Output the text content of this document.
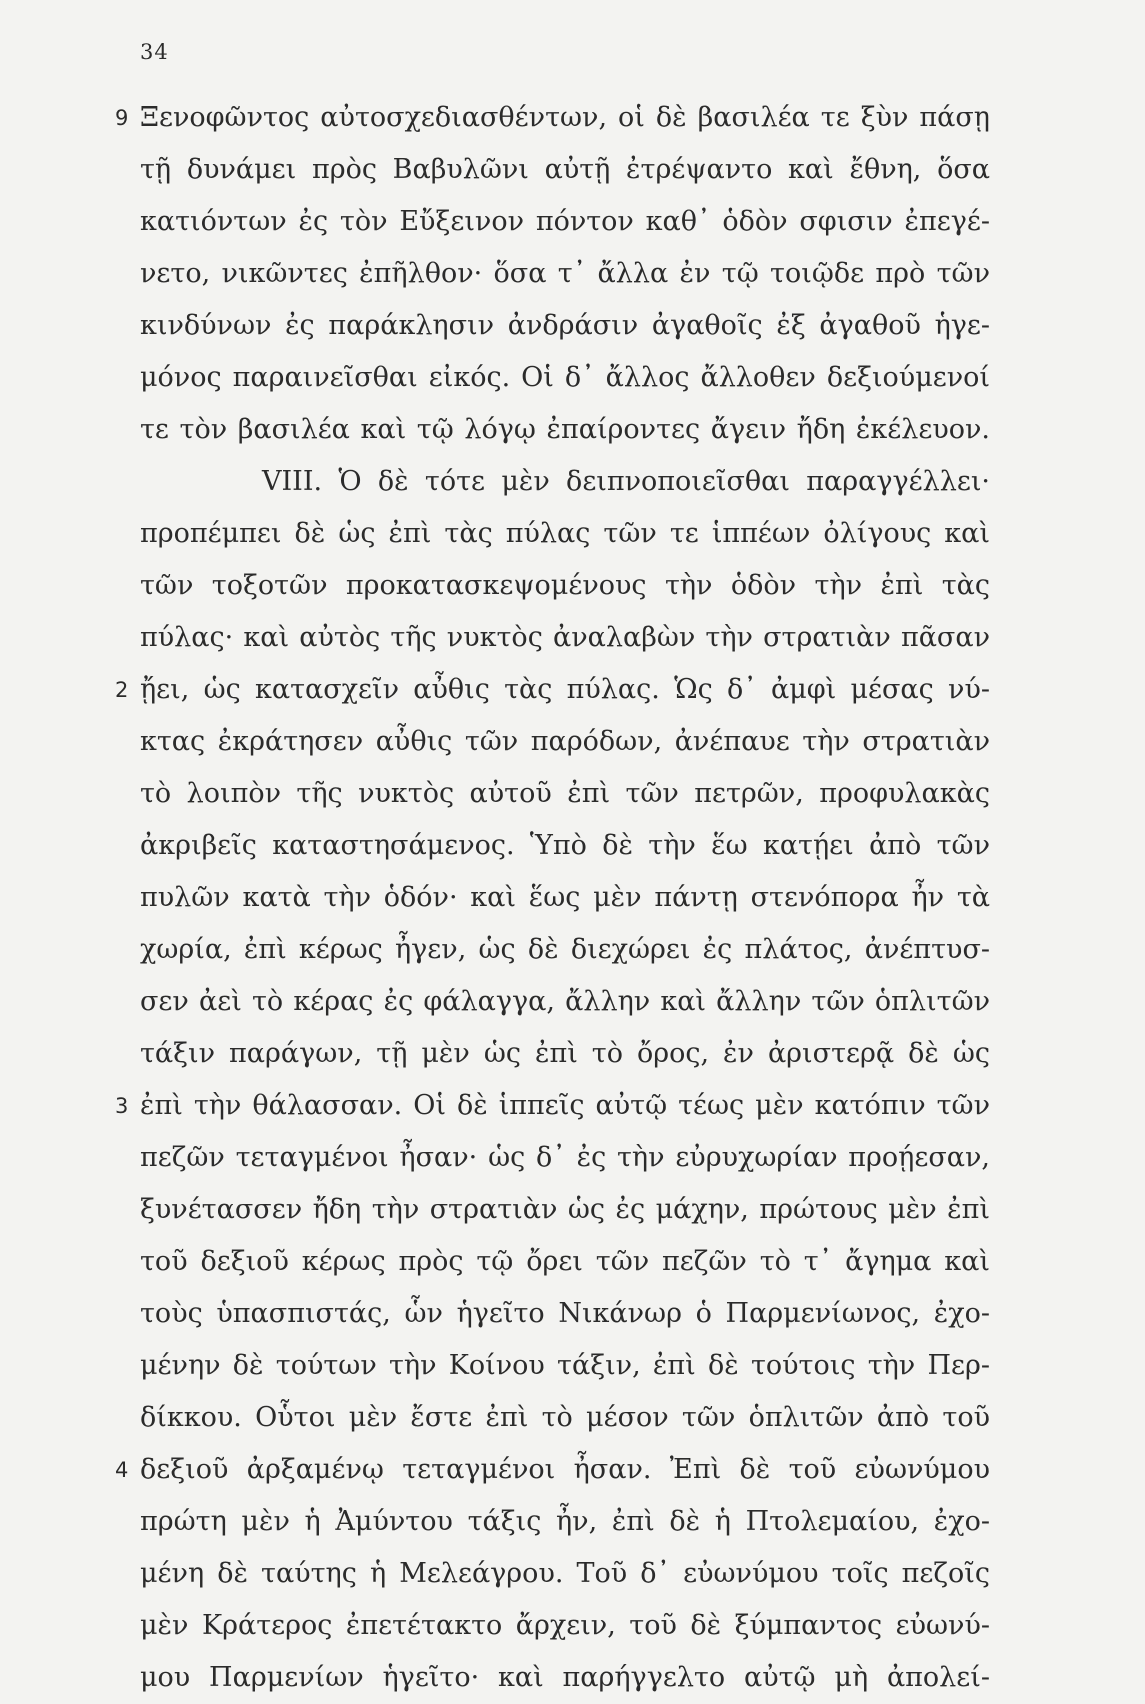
34
9 Ξενοφῶντος αὐτοσχεδιασθέντων, οἱ δὲ βασιλέα τε ξὺν πάσῃ
τῇ δυνάμει πρὸς Βαβυλῶνι αὐτῇ ἐτρέψαντο καὶ ἔθνη, ὅσα
κατιόντων ἐς τὸν Εὔξεινον πόντον καθ᾽ ὁδὸν σφισιν ἐπεγέ-
νετο, νικῶντες ἐπῆλθον· ὅσα τ᾽ ἄλλα ἐν τῷ τοιῷδε πρὸ τῶν
κινδύνων ἐς παράκλησιν ἀνδράσιν ἀγαθοῖς ἐξ ἀγαθοῦ ἡγε-
μόνος παραινεῖσθαι εἰκός. Οἱ δ᾽ ἄλλος ἄλλοθεν δεξιούμενοί
τε τὸν βασιλέα καὶ τῷ λόγῳ ἐπαίροντες ἄγειν ἤδη ἐκέλευον.
VIII. Ὁ δὲ τότε μὲν δειπνοποιεῖσθαι παραγγέλλει·
προπέμπει δὲ ὡς ἐπὶ τὰς πύλας τῶν τε ἱππέων ὀλίγους καὶ
τῶν τοξοτῶν προκατασκεψομένους τὴν ὁδὸν τὴν ἐπὶ τὰς
πύλας· καὶ αὐτὸς τῆς νυκτὸς ἀναλαβὼν τὴν στρατιὰν πᾶσαν
2 ᾔει, ὡς κατασχεῖν αὖθις τὰς πύλας. Ὡς δ᾽ ἀμφὶ μέσας νύ-
κτας ἐκράτησεν αὖθις τῶν παρόδων, ἀνέπαυε τὴν στρατιὰν
τὸ λοιπὸν τῆς νυκτὸς αὐτοῦ ἐπὶ τῶν πετρῶν, προφυλακὰς
ἀκριβεῖς καταστησάμενος. Ὑπὸ δὲ τὴν ἕω κατῄει ἀπὸ τῶν
πυλῶν κατὰ τὴν ὁδόν· καὶ ἕως μὲν πάντῃ στενόπορα ἦν τὰ
χωρία, ἐπὶ κέρως ἦγεν, ὡς δὲ διεχώρει ἐς πλάτος, ἀνέπτυσ-
σεν ἀεὶ τὸ κέρας ἐς φάλαγγα, ἄλλην καὶ ἄλλην τῶν ὁπλιτῶν
τάξιν παράγων, τῇ μὲν ὡς ἐπὶ τὸ ὄρος, ἐν ἀριστερᾷ δὲ ὡς
3 ἐπὶ τὴν θάλασσαν. Οἱ δὲ ἱππεῖς αὐτῷ τέως μὲν κατόπιν τῶν
πεζῶν τεταγμένοι ἦσαν· ὡς δ᾽ ἐς τὴν εὐρυχωρίαν προῄεσαν,
ξυνέτασσεν ἤδη τὴν στρατιὰν ὡς ἐς μάχην, πρώτους μὲν ἐπὶ
τοῦ δεξιοῦ κέρως πρὸς τῷ ὄρει τῶν πεζῶν τὸ τ᾽ ἄγημα καὶ
τοὺς ὑπασπιστάς, ὧν ἡγεῖτο Νικάνωρ ὁ Παρμενίωνος, ἐχο-
μένην δὲ τούτων τὴν Κοίνου τάξιν, ἐπὶ δὲ τούτοις τὴν Περ-
δίκκου. Οὗτοι μὲν ἔστε ἐπὶ τὸ μέσον τῶν ὁπλιτῶν ἀπὸ τοῦ
4 δεξιοῦ ἀρξαμένῳ τεταγμένοι ἦσαν. Ἐπὶ δὲ τοῦ εὐωνύμου
πρώτη μὲν ἡ Ἀμύντου τάξις ἦν, ἐπὶ δὲ ἡ Πτολεμαίου, ἐχο-
μένη δὲ ταύτης ἡ Μελεάγρου. Τοῦ δ᾽ εὐωνύμου τοῖς πεζοῖς
μὲν Κράτερος ἐπετέτακτο ἄρχειν, τοῦ δὲ ξύμπαντος εὐωνύ-
μου Παρμενίων ἡγεῖτο· καὶ παρήγγελτο αὐτῷ μὴ ἀπολεί-
